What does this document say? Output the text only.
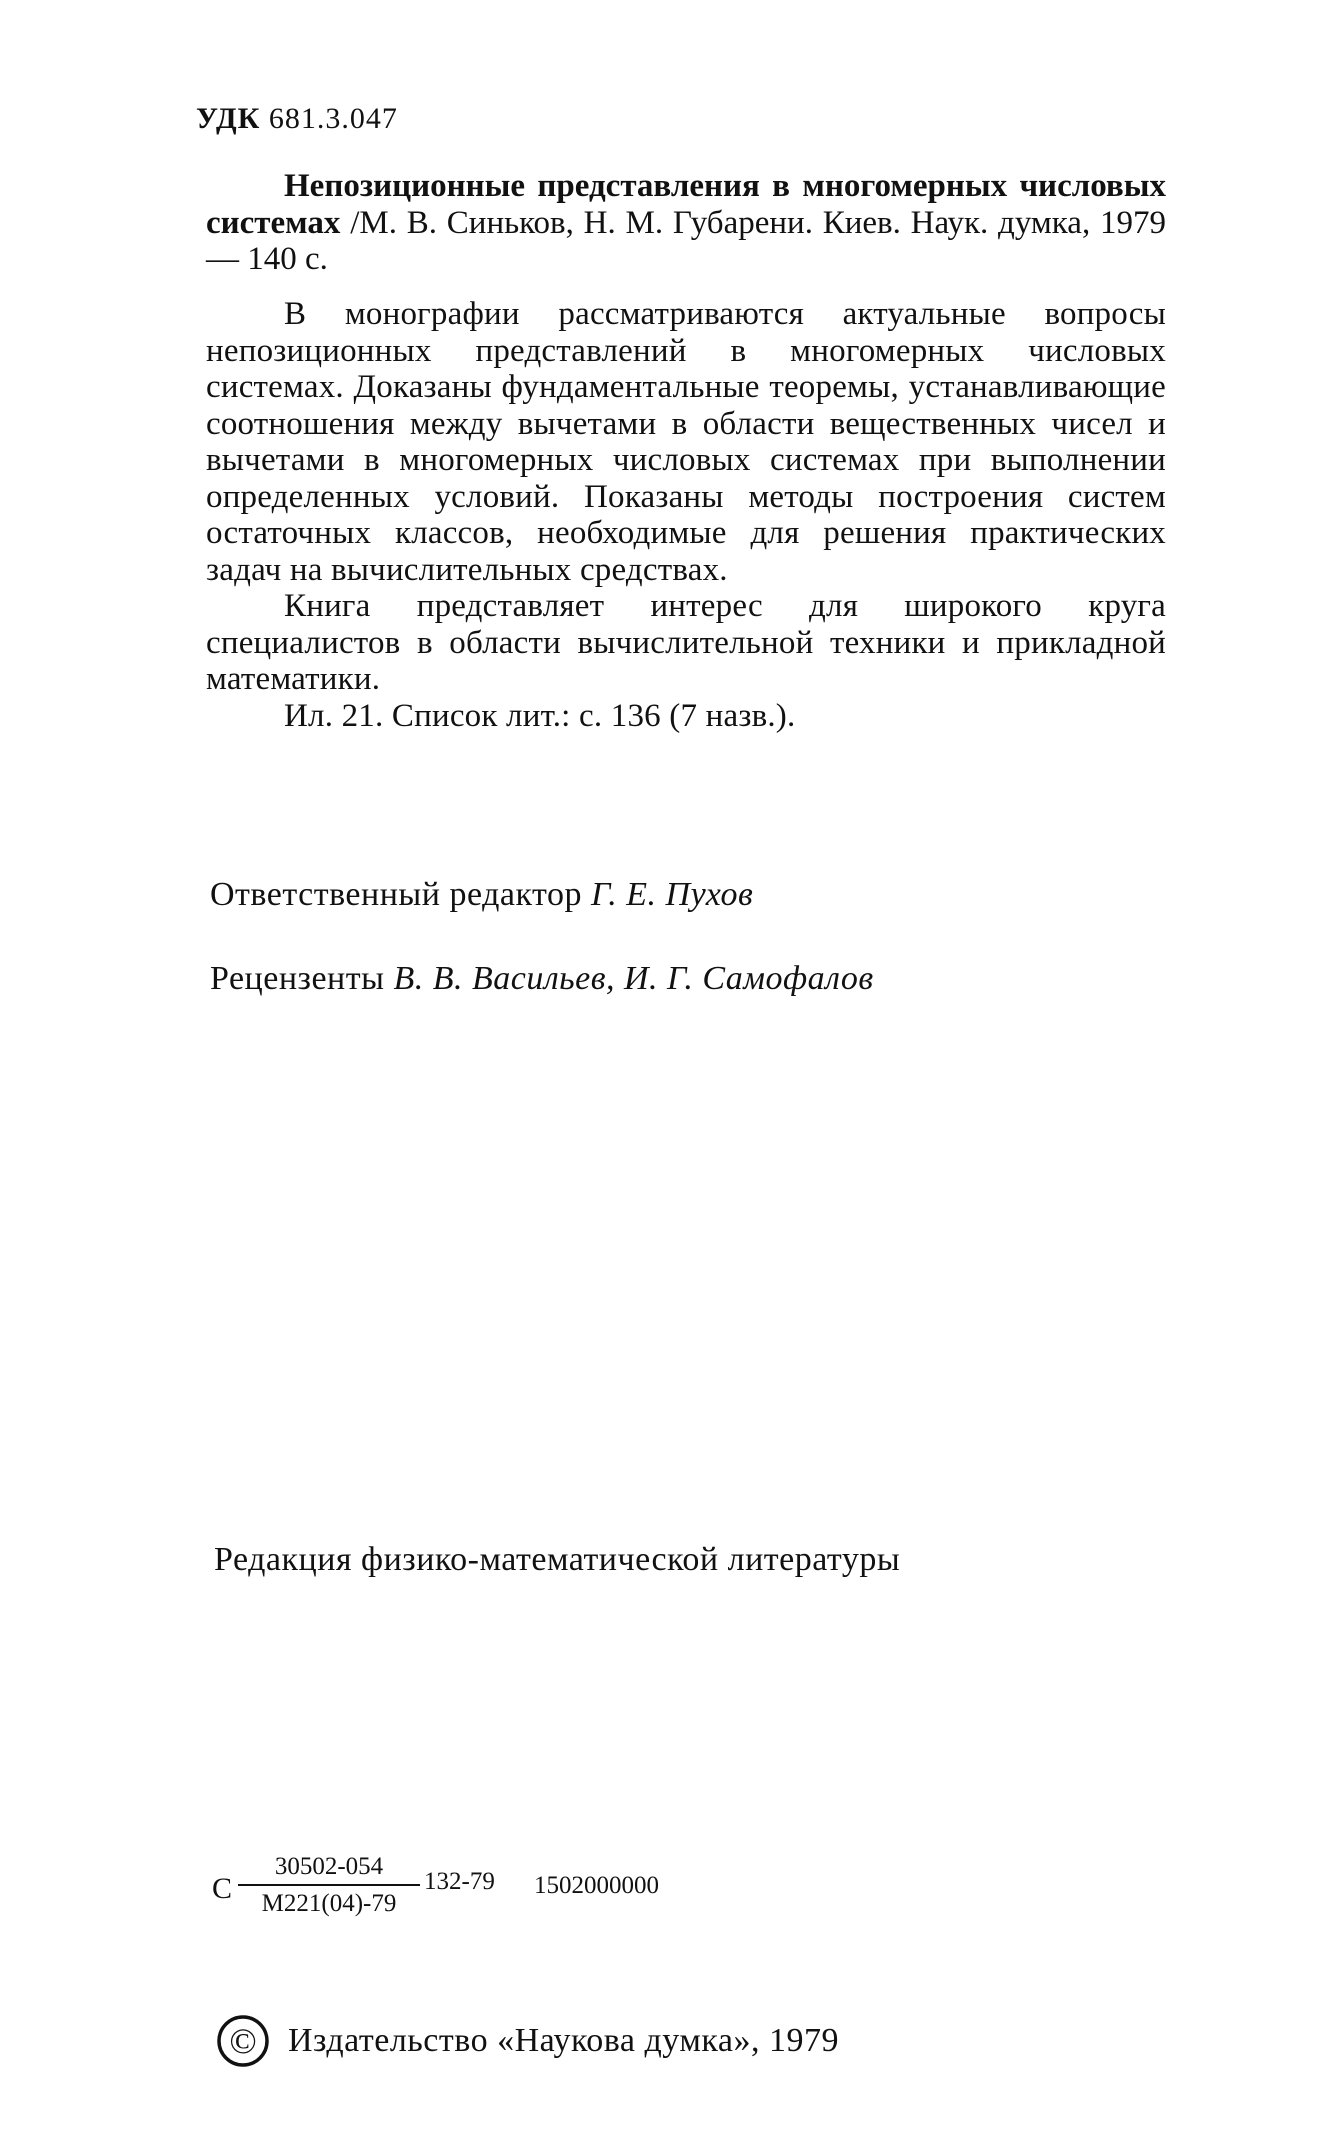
УДК 681.3.047

Непозиционные представления в многомерных числовых системах /М. В. Синьков, Н. М. Губарени. Киев. Наук. думка, 1979 — 140 с.

В монографии рассматриваются актуальные вопросы непозиционных представлений в многомерных числовых системах. Доказаны фундаментальные теоремы, устанавливающие соотношения между вычетами в области вещественных чисел и вычетами в многомерных числовых системах при выполнении определенных условий. Показаны методы построения систем остаточных классов, необходимые для решения практических задач на вычислительных средствах.

Книга представляет интерес для широкого круга специалистов в области вычислительной техники и прикладной математики.

Ил. 21. Список лит.: с. 136 (7 назв.).

Ответственный редактор Г. Е. Пухов
Рецензенты В. В. Васильев, И. Г. Самофалов
Редакция физико-математической литературы
С
30502-054
М221(04)-79
132-79 1502000000
© Издательство «Наукова думка», 1979
